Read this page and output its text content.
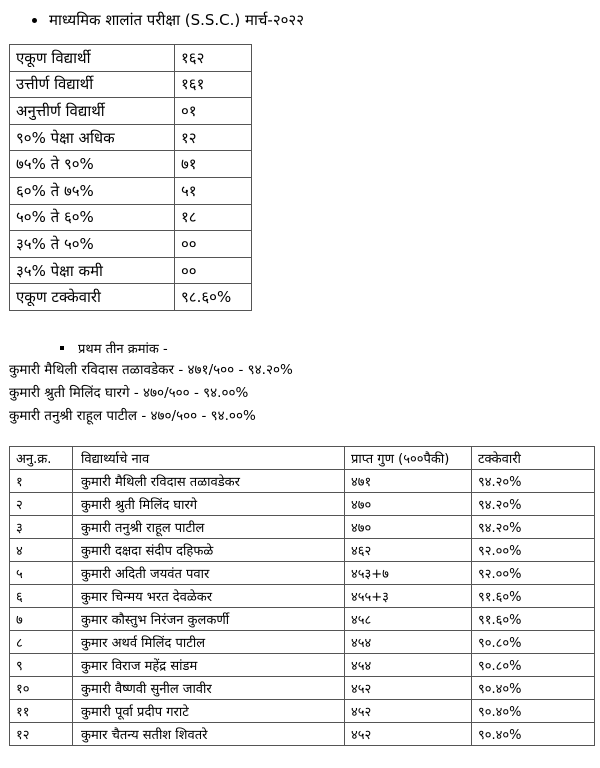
माध्यमिक शालांत परीक्षा (S.S.C.) मार्च-२०२२
एकूण विद्यार्थी	१६२
उत्तीर्ण विद्यार्थी	१६१
अनुत्तीर्ण विद्यार्थी	०१
९०% पेक्षा अधिक	१२
७५% ते ९०%	७१
६०% ते ७५%	५१
५०% ते ६०%	१८
३५% ते ५०%	००
३५% पेक्षा कमी	००
एकूण टक्केवारी	९८.६०%
प्रथम तीन क्रमांक -
कुमारी मैथिली रविदास तळावडेकर - ४७१/५०० - ९४.२०%
कुमारी श्रुती मिलिंद घारगे - ४७०/५०० - ९४.००%
कुमारी तनुश्री राहूल पाटील - ४७०/५०० - ९४.००%
अनु.क्र.	विद्यार्थ्याचे नाव	प्राप्त गुण (५००पैकी)	टक्केवारी
१	कुमारी मैथिली रविदास तळावडेकर	४७१	९४.२०%
२	कुमारी श्रुती मिलिंद घारगे	४७०	९४.२०%
३	कुमारी तनुश्री राहूल पाटील	४७०	९४.२०%
४	कुमारी दक्षदा संदीप दहिफळे	४६२	९२.००%
५	कुमारी अदिती जयवंत पवार	४५३+७	९२.००%
६	कुमार चिन्मय भरत देवळेकर	४५५+३	९१.६०%
७	कुमार कौस्तुभ निरंजन कुलकर्णी	४५८	९१.६०%
८	कुमार अथर्व मिलिंद पाटील	४५४	९०.८०%
९	कुमार विराज महेंद्र सांडम	४५४	९०.८०%
१०	कुमारी वैष्णवी सुनील जावीर	४५२	९०.४०%
११	कुमारी पूर्वा प्रदीप गराटे	४५२	९०.४०%
१२	कुमार चैतन्य सतीश शिवतरे	४५२	९०.४०%
